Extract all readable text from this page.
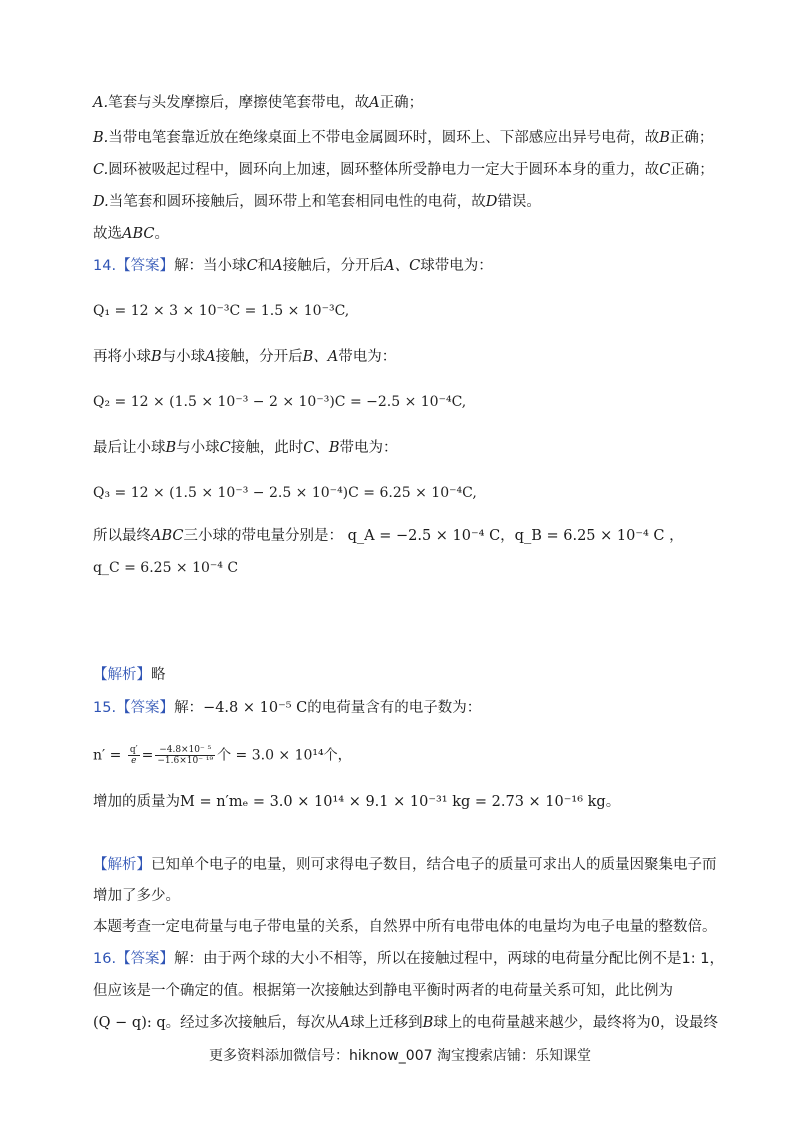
A.笔套与头发摩擦后，摩擦使笔套带电，故A正确；
B.当带电笔套靠近放在绝缘桌面上不带电金属圆环时，圆环上、下部感应出异号电荷，故B正确；
C.圆环被吸起过程中，圆环向上加速，圆环整体所受静电力一定大于圆环本身的重力，故C正确；
D.当笔套和圆环接触后，圆环带上和笔套相同电性的电荷，故D错误。
故选ABC。
14.【答案】解：当小球C和A接触后，分开后A、C球带电为：
Q₁ = 12 × 3 × 10⁻³C = 1.5 × 10⁻³C,
再将小球B与小球A接触，分开后B、A带电为：
Q₂ = 12 × (1.5 × 10⁻³ − 2 × 10⁻³)C = −2.5 × 10⁻⁴C,
最后让小球B与小球C接触，此时C、B带电为：
Q₃ = 12 × (1.5 × 10⁻³ − 2.5 × 10⁻⁴)C = 6.25 × 10⁻⁴C,
所以最终ABC三小球的带电量分别是： q_A = −2.5 × 10⁻⁴ C，q_B = 6.25 × 10⁻⁴ C ，
q_C = 6.25 × 10⁻⁴ C
【解析】略
15.【答案】解：−4.8 × 10⁻⁵ C的电荷量含有的电子数为：
$n' = \frac{q'}{e} = \frac{\text{−4.8×10⁻ ⁵}}{\text{−1.6×10⁻ ¹⁹}}$ 个 = 3.0 × 10¹⁴个，
增加的质量为M = n′mₑ = 3.0 × 10¹⁴ × 9.1 × 10⁻³¹ kg = 2.73 × 10⁻¹⁶ kg。
【解析】已知单个电子的电量，则可求得电子数目，结合电子的质量可求出人的质量因聚集电子而
增加了多少。
本题考查一定电荷量与电子带电量的关系，自然界中所有电带电体的电量均为电子电量的整数倍。
16.【答案】解：由于两个球的大小不相等，所以在接触过程中，两球的电荷量分配比例不是1: 1，
但应该是一个确定的值。根据第一次接触达到静电平衡时两者的电荷量关系可知，此比例为
(Q − q): q。经过多次接触后，每次从A球上迁移到B球上的电荷量越来越少，最终将为0，设最终
更多资料添加微信号：hiknow_007 淘宝搜索店铺：乐知课堂
